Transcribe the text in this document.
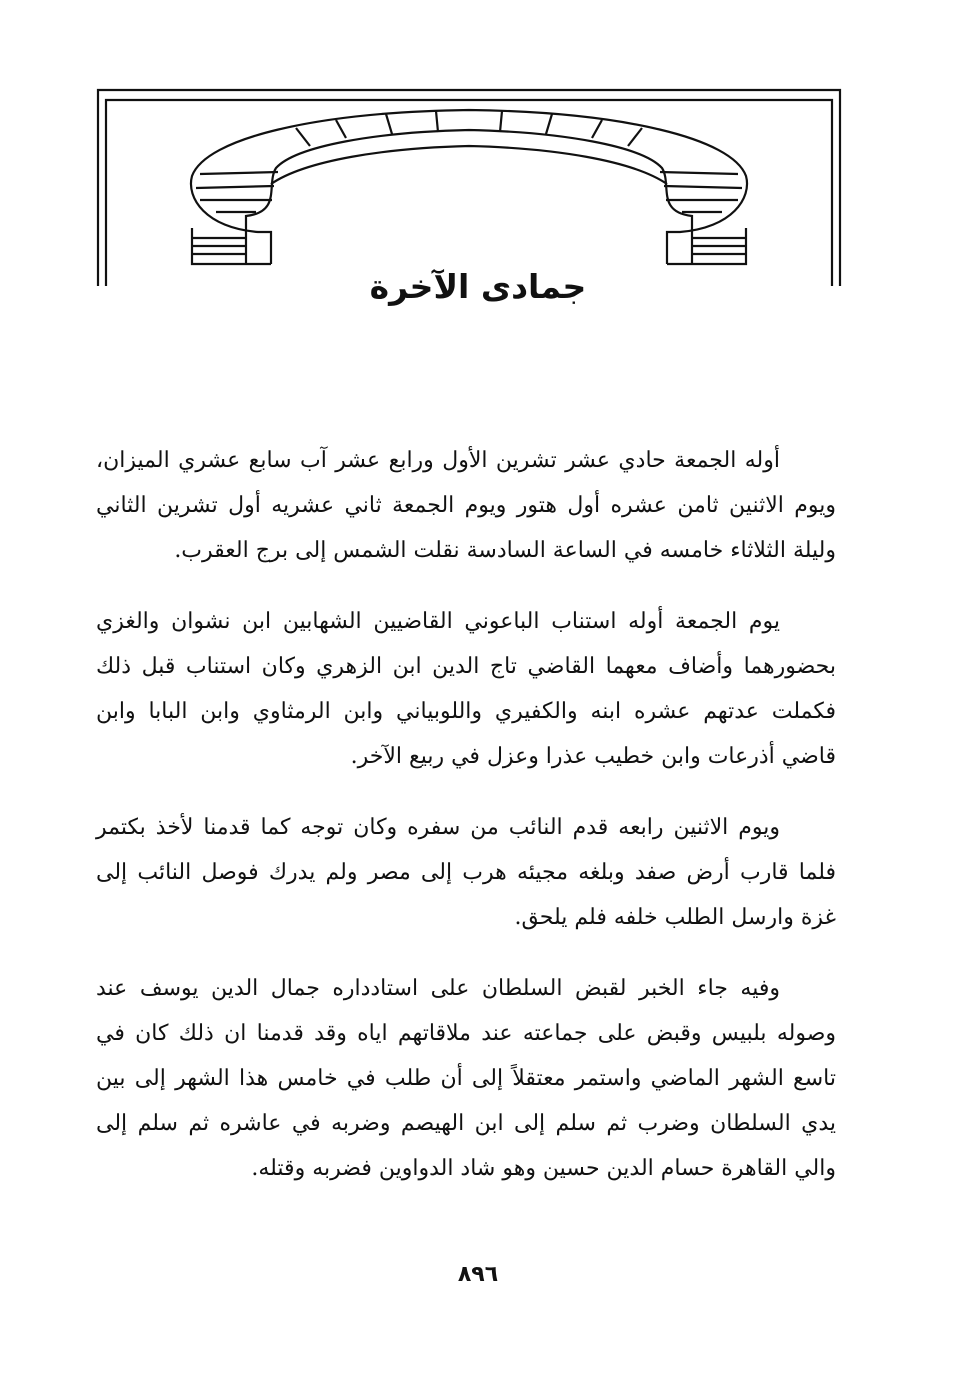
جمادى الآخرة

أوله الجمعة حادي عشر تشرين الأول ورابع عشر آب سابع عشري الميزان، ويوم الاثنين ثامن عشره أول هتور ويوم الجمعة ثاني عشريه أول تشرين الثاني وليلة الثلاثاء خامسه في الساعة السادسة نقلت الشمس إلى برج العقرب.

يوم الجمعة أوله استناب الباعوني القاضيين الشهابين ابن نشوان والغزي بحضورهما وأضاف معهما القاضي تاج الدين ابن الزهري وكان استناب قبل ذلك فكملت عدتهم عشره ابنه والكفيري واللوبياني وابن الرمثاوي وابن البابا وابن قاضي أذرعات وابن خطيب عذرا وعزل في ربيع الآخر.

ويوم الاثنين رابعه قدم النائب من سفره وكان توجه كما قدمنا لأخذ بكتمر فلما قارب أرض صفد وبلغه مجيئه هرب إلى مصر ولم يدرك فوصل النائب إلى غزة وارسل الطلب خلفه فلم يلحق.

وفيه جاء الخبر لقبض السلطان على استادداره جمال الدين يوسف عند وصوله بلبيس وقبض على جماعته عند ملاقاتهم اياه وقد قدمنا ان ذلك كان في تاسع الشهر الماضي واستمر معتقلاً إلى أن طلب في خامس هذا الشهر إلى بين يدي السلطان وضرب ثم سلم إلى ابن الهيصم وضربه في عاشره ثم سلم إلى والي القاهرة حسام الدين حسين وهو شاد الدواوين فضربه وقتله.

٨٩٦
